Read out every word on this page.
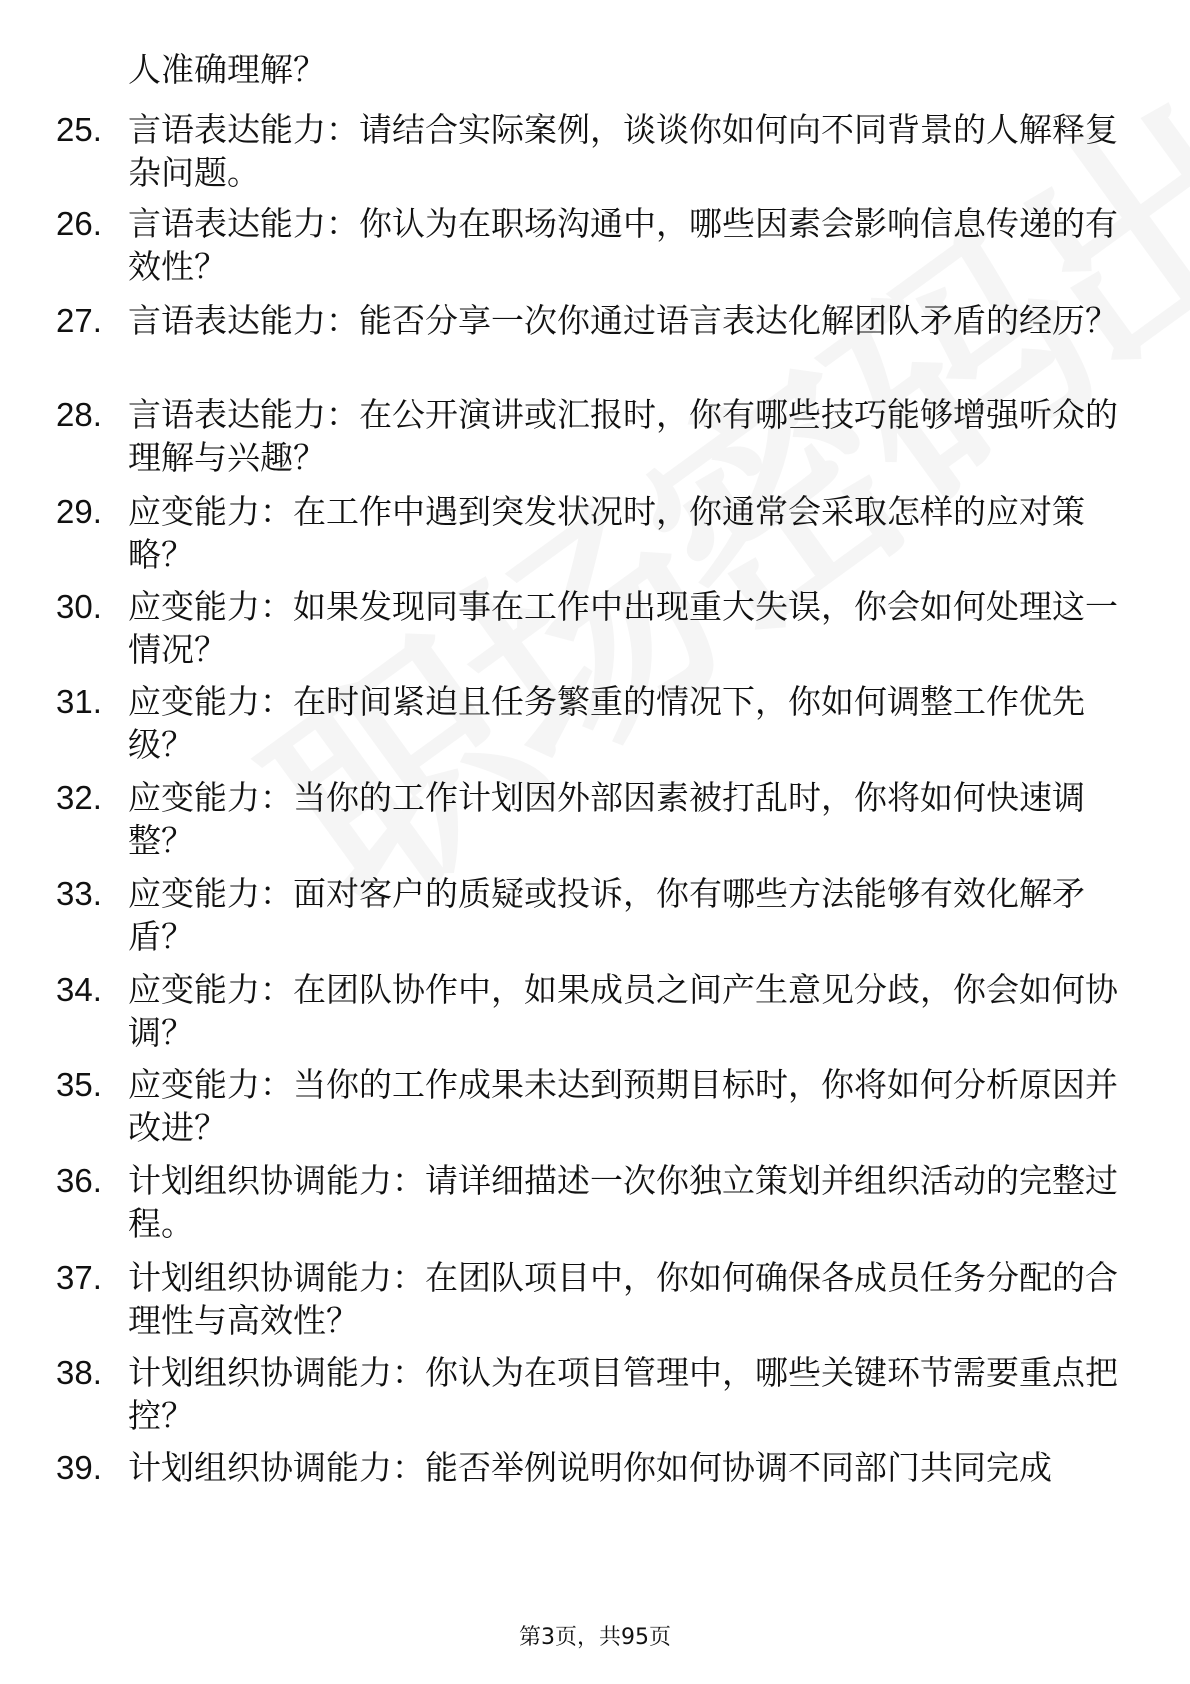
人准确理解？
25. 言语表达能力：请结合实际案例，谈谈你如何向不同背景的人解释复杂问题。
26. 言语表达能力：你认为在职场沟通中，哪些因素会影响信息传递的有效性？
27. 言语表达能力：能否分享一次你通过语言表达化解团队矛盾的经历？
28. 言语表达能力：在公开演讲或汇报时，你有哪些技巧能够增强听众的理解与兴趣？
29. 应变能力：在工作中遇到突发状况时，你通常会采取怎样的应对策略？
30. 应变能力：如果发现同事在工作中出现重大失误，你会如何处理这一情况？
31. 应变能力：在时间紧迫且任务繁重的情况下，你如何调整工作优先级？
32. 应变能力：当你的工作计划因外部因素被打乱时，你将如何快速调整？
33. 应变能力：面对客户的质疑或投诉，你有哪些方法能够有效化解矛盾？
34. 应变能力：在团队协作中，如果成员之间产生意见分歧，你会如何协调？
35. 应变能力：当你的工作成果未达到预期目标时，你将如何分析原因并改进？
36. 计划组织协调能力：请详细描述一次你独立策划并组织活动的完整过程。
37. 计划组织协调能力：在团队项目中，你如何确保各成员任务分配的合理性与高效性？
38. 计划组织协调能力：你认为在项目管理中，哪些关键环节需要重点把控？
39. 计划组织协调能力：能否举例说明你如何协调不同部门共同完成
第3页，共95页
